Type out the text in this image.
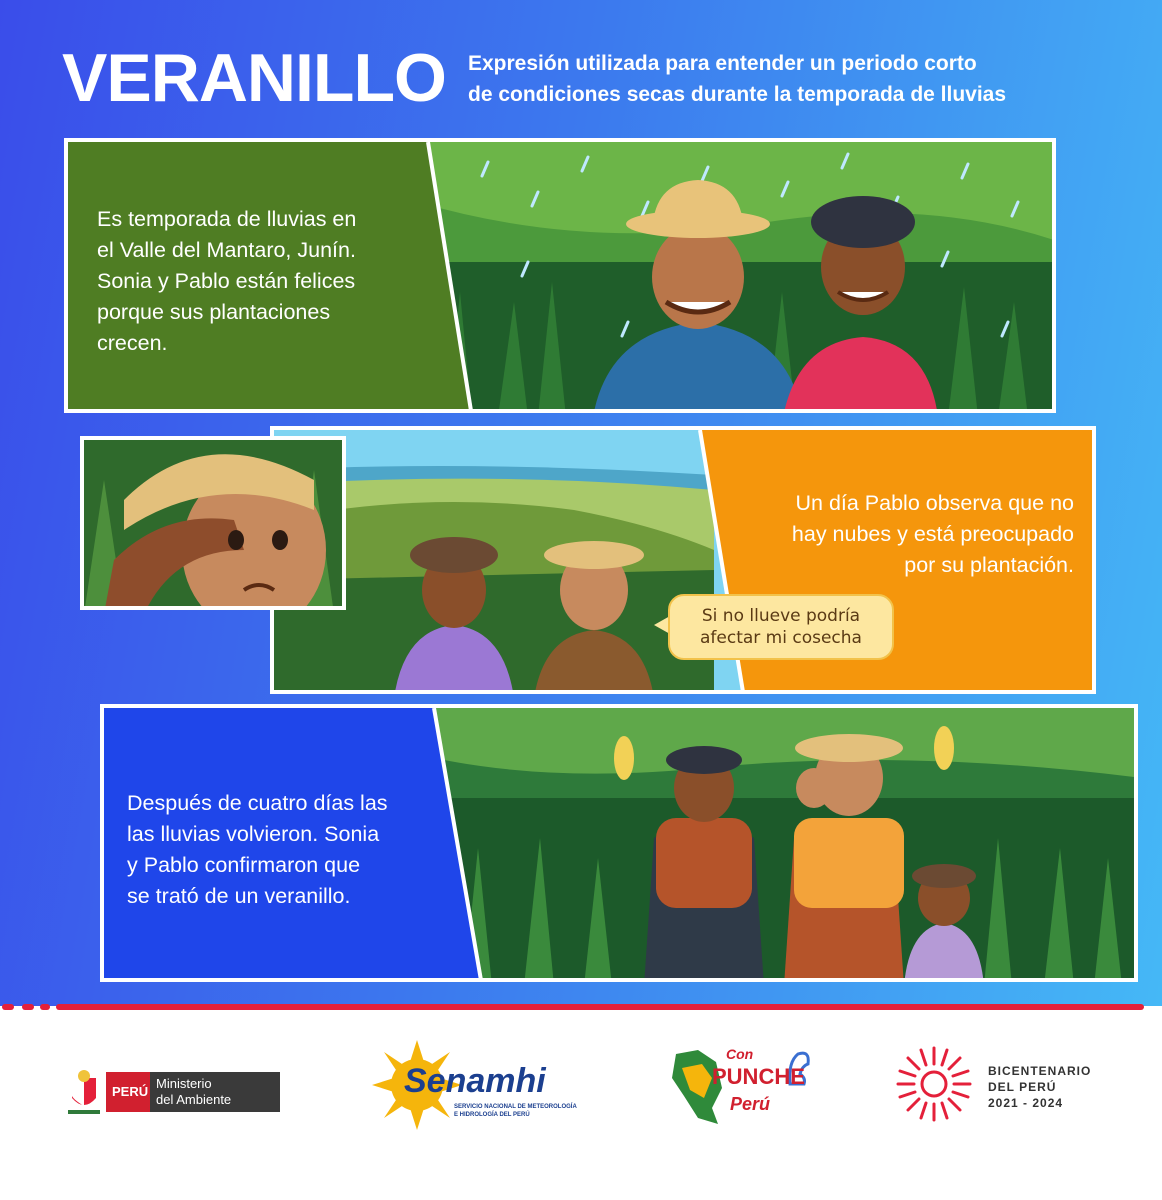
VERANILLO Expresión utilizada para entender un periodo corto
de condiciones secas durante la temporada de lluvias
Es temporada de lluvias en
el Valle del Mantaro, Junín.
Sonia y Pablo están felices
porque sus plantaciones
crecen.
Un día Pablo observa que no
hay nubes y está preocupado
por su plantación.
Si no llueve podría
afectar mi cosecha
Después de cuatro días las
las lluvias volvieron. Sonia
y Pablo confirmaron que
se trató de un veranillo.
PERÚ
Ministerio
del Ambiente	Senamhi
SERVICIO NACIONAL DE METEOROLOGÍA
E HIDROLOGÍA DEL PERÚ
Con
PUNCHE
Perú
BICENTENARIO
DEL PERÚ
2021 - 2024
